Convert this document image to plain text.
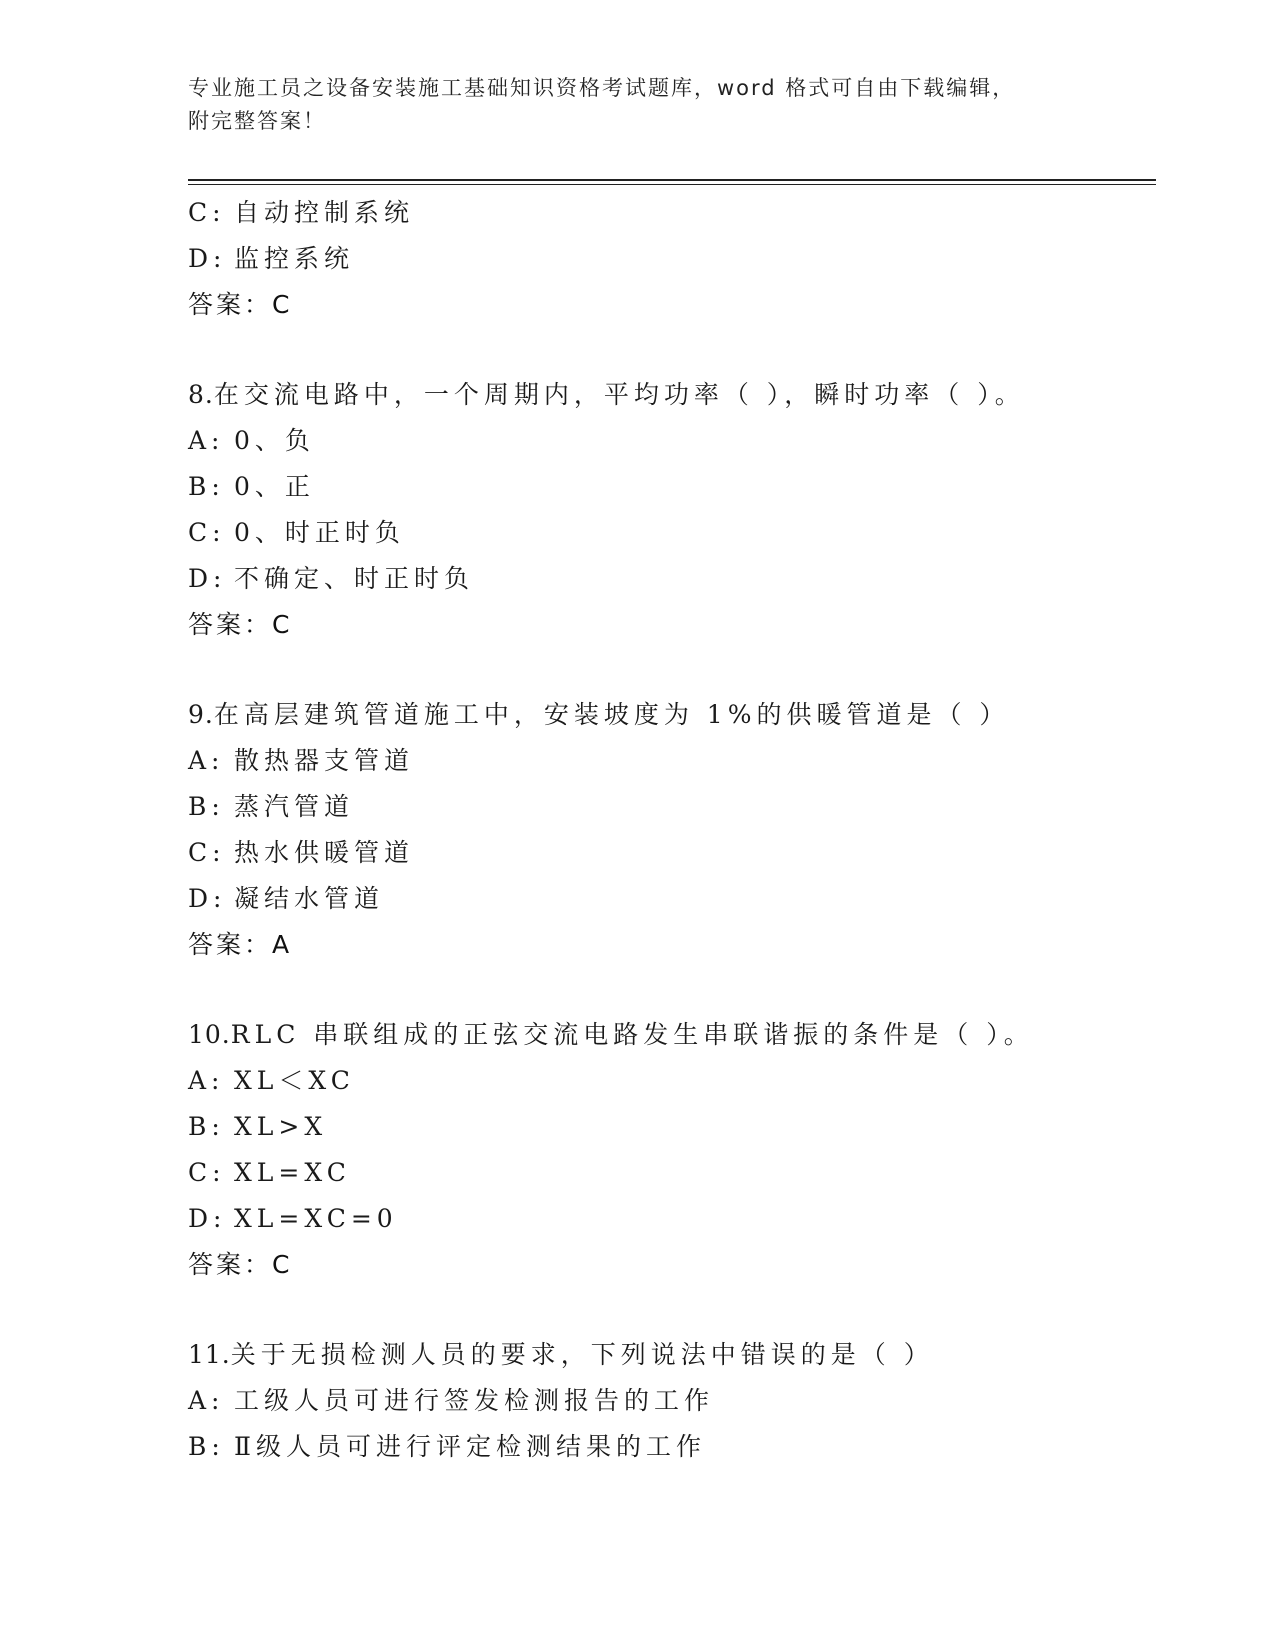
专业施工员之设备安装施工基础知识资格考试题库，word 格式可自由下载编辑，
附完整答案！
C: 自动控制系统
D: 监控系统
答案：C
8.在交流电路中，一个周期内，平均功率（ ），瞬时功率（ ）。
A: 0、负
B: 0、正
C: 0、时正时负
D: 不确定、时正时负
答案：C
9.在高层建筑管道施工中，安装坡度为 1%的供暖管道是（ ）
A: 散热器支管道
B: 蒸汽管道
C: 热水供暖管道
D: 凝结水管道
答案：A
10.RLC 串联组成的正弦交流电路发生串联谐振的条件是（ ）。
A: XL＜XC
B: XL>X
C: XL=XC
D: XL=XC=0
答案：C
11.关于无损检测人员的要求，下列说法中错误的是（ ）
A: 工级人员可进行签发检测报告的工作
B: Ⅱ级人员可进行评定检测结果的工作
